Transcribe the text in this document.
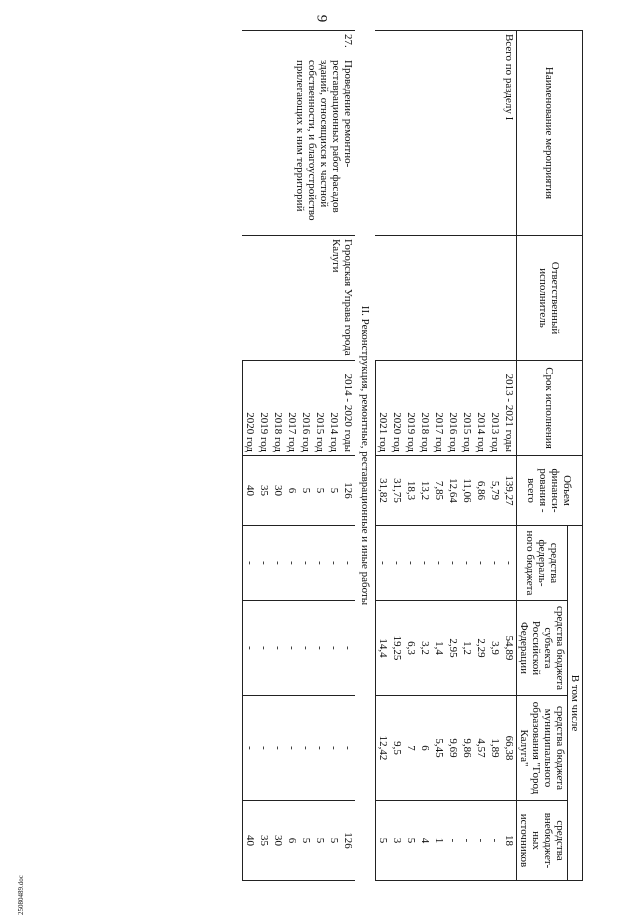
9
25080489.doc
Наименование мероприятия	Ответственный исполнитель	Срок исполнения	Объем финанси-рования - всего	В том числе			
				средства федераль-ного бюджета	средства бюджета субъекта Российской Федерации	средства бюджета муниципального образования "Город Калуга"	средства внебюджет-ных источников
Всего по разделу I		2013 - 2021 годы	139,27	-	54,89	66,38	18
		2013 год	5,79	-	3,9	1,89	-
		2014 год	6,86	-	2,29	4,57	-
		2015 год	11,06	-	1,2	9,86	-
		2016 год	12,64	-	2,95	9,69	-
		2017 год	7,85	-	1,4	5,45	1
		2018 год	13,2	-	3,2	6	4
		2019 год	18,3	-	6,3	7	5
		2020 год	31,75	-	19,25	9,5	3
		2021 год	31,82	-	14,4	12,42	5
II. Реконструкция, ремонтные, реставрационные и иные работы							
27.Проведение ремонтно-реставрационных работ фасадов зданий, относящихся к частной собственности, и благоустройство прилегающих к ним территорий	Городская Управа города Калуги	2014 - 2020 годы	126	-	-	-	126
		2014 год	5	-	-	-	5
		2015 год	5	-	-	-	5
		2016 год	5	-	-	-	5
		2017 год	6	-	-	-	6
		2018 год	30	-	-	-	30
		2019 год	35	-	-	-	35
		2020 год	40	-	-	-	40
